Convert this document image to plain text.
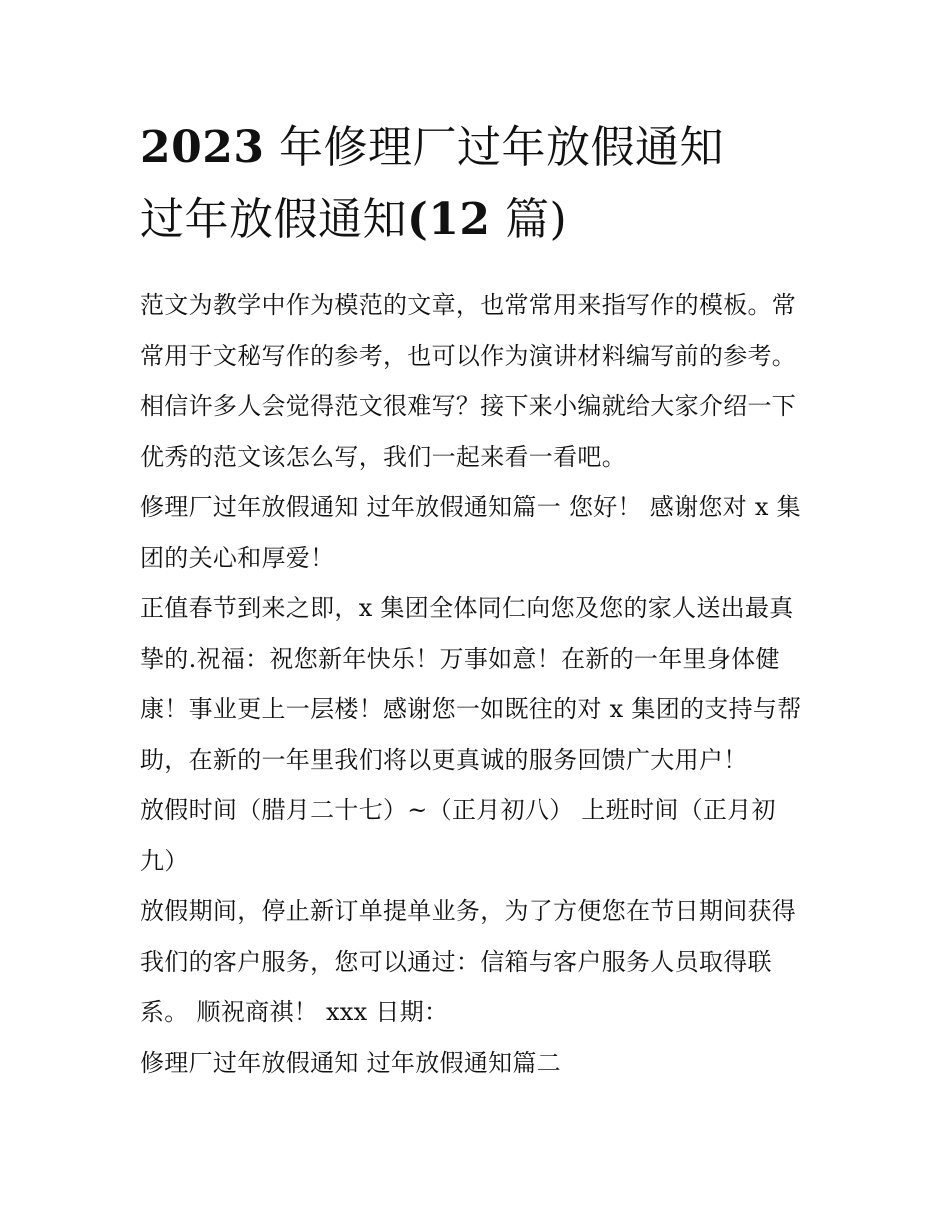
2023 年修理厂过年放假通知
过年放假通知(12 篇)

范文为教学中作为模范的文章，也常常用来指写作的模板。常
常用于文秘写作的参考，也可以作为演讲材料编写前的参考。
相信许多人会觉得范文很难写？接下来小编就给大家介绍一下
优秀的范文该怎么写，我们一起来看一看吧。

修理厂过年放假通知 过年放假通知篇一 您好！ 感谢您对 x 集
团的关心和厚爱！

正值春节到来之即，x 集团全体同仁向您及您的家人送出最真
挚的.祝福：祝您新年快乐！万事如意！在新的一年里身体健
康！事业更上一层楼！感谢您一如既往的对 x 集团的支持与帮
助，在新的一年里我们将以更真诚的服务回馈广大用户！

放假时间（腊月二十七）~（正月初八） 上班时间（正月初
九）

放假期间，停止新订单提单业务，为了方便您在节日期间获得
我们的客户服务，您可以通过：信箱与客户服务人员取得联
系。 顺祝商祺！ xxx 日期：

修理厂过年放假通知 过年放假通知篇二
